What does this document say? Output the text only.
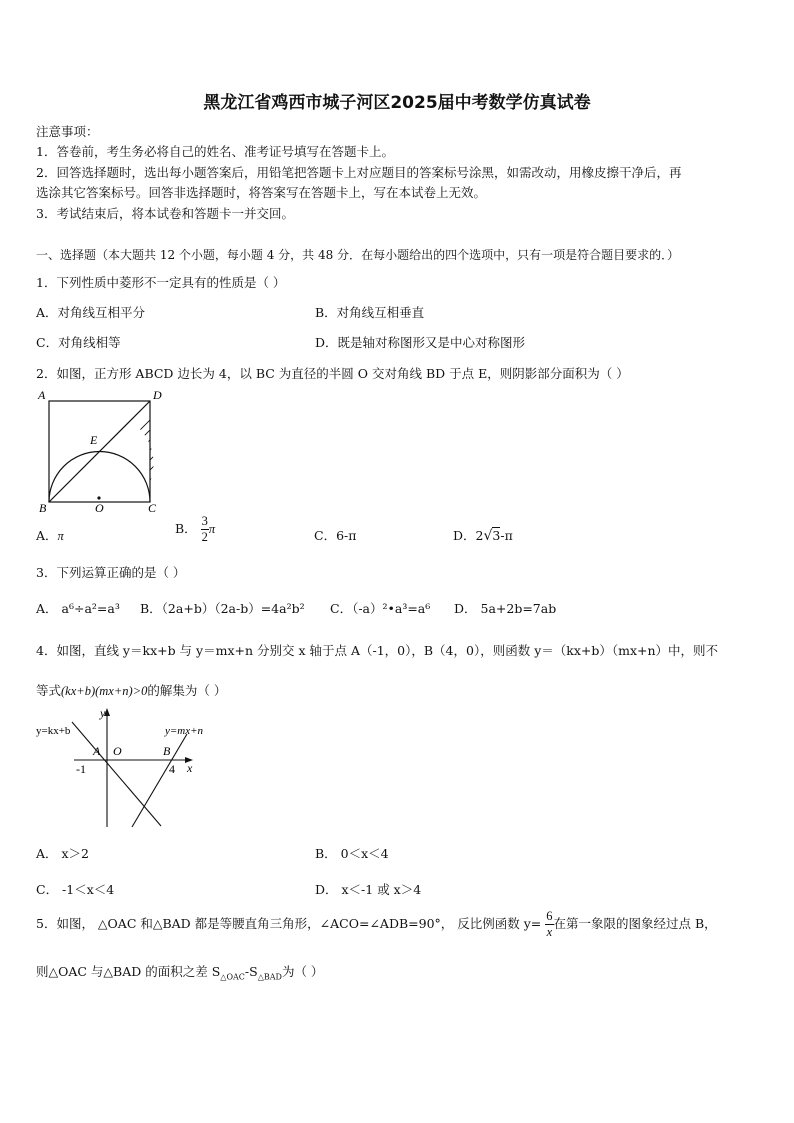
黑龙江省鸡西市城子河区2025届中考数学仿真试卷
注意事项：
1．答卷前，考生务必将自己的姓名、准考证号填写在答题卡上。
2．回答选择题时，选出每小题答案后，用铅笔把答题卡上对应题目的答案标号涂黑，如需改动，用橡皮擦干净后，再
选涂其它答案标号。回答非选择题时，将答案写在答题卡上，写在本试卷上无效。
3．考试结束后，将本试卷和答题卡一并交回。
一、选择题（本大题共 12 个小题，每小题 4 分，共 48 分．在每小题给出的四个选项中，只有一项是符合题目要求的．）
1．下列性质中菱形不一定具有的性质是（ ）
A．对角线互相平分	B．对角线互相垂直
C．对角线相等	D．既是轴对称图形又是中心对称图形
2．如图，正方形 ABCD 边长为 4，以 BC 为直径的半圆 O 交对角线 BD 于点 E，则阴影部分面积为（ ）
A	D
E
B	O	C
A．π	B． $\frac{3}{2}$ π	C．6-π	D．2√3-π
3．下列运算正确的是（ ）
A． a⁶÷a²=a³ B．（2a+b）（2a-b）=4a²b² C．（-a）²•a³=a⁶ D． 5a+2b=7ab
4．如图，直线 y＝kx+b 与 y＝mx+n 分别交 x 轴于点 A（-1，0），B（4，0），则函数 y＝（kx+b）（mx+n）中，则不
等式(kx+b)(mx+n)>0的解集为（ ）
y
y=kx+b	y=mx+n
A O	B
-1	4 x
A． x＞2	B． 0＜x＜4
C． -1＜x＜4	D． x＜-1 或 x＞4
5．如图， △OAC 和△BAD 都是等腰直角三角形，∠ACO=∠ADB=90°， 反比例函数 $y= \frac{6}{x}$ 在第一象限的图象经过点 B，
则△OAC 与△BAD 的面积之差 $S_{\triangle OAC}-S_{\triangle BAD}$为（ ）
